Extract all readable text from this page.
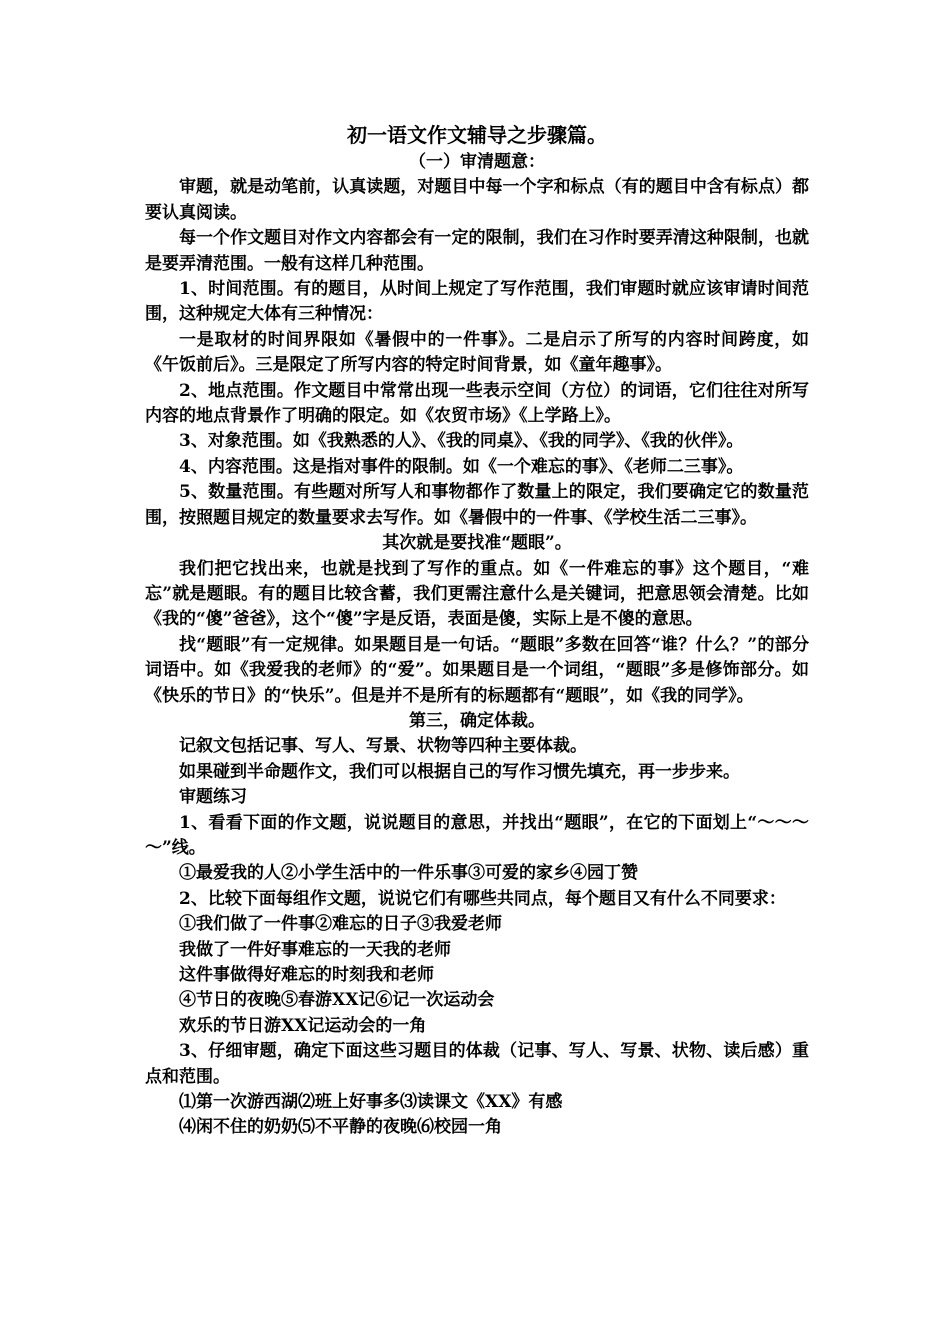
初一语文作文辅导之步骤篇。

（一）审清题意：

审题，就是动笔前，认真读题，对题目中每一个字和标点（有的题目中含有标点）都要认真阅读。

每一个作文题目对作文内容都会有一定的限制，我们在习作时要弄清这种限制，也就是要弄清范围。一般有这样几种范围。

1、时间范围。有的题目，从时间上规定了写作范围，我们审题时就应该审请时间范围，这种规定大体有三种情况：

一是取材的时间界限如《暑假中的一件事》。二是启示了所写的内容时间跨度，如《午饭前后》。三是限定了所写内容的特定时间背景，如《童年趣事》。

2、地点范围。作文题目中常常出现一些表示空间（方位）的词语，它们往往对所写内容的地点背景作了明确的限定。如《农贸市场》《上学路上》。

3、对象范围。如《我熟悉的人》、《我的同桌》、《我的同学》、《我的伙伴》。

4、内容范围。这是指对事件的限制。如《一个难忘的事》、《老师二三事》。

5、数量范围。有些题对所写人和事物都作了数量上的限定，我们要确定它的数量范围，按照题目规定的数量要求去写作。如《暑假中的一件事、《学校生活二三事》。

其次就是要找准“题眼”。

我们把它找出来，也就是找到了写作的重点。如《一件难忘的事》这个题目，“难忘”就是题眼。有的题目比较含蓄，我们更需注意什么是关键词，把意思领会清楚。比如《我的“傻”爸爸》，这个“傻”字是反语，表面是傻，实际上是不傻的意思。

找“题眼”有一定规律。如果题目是一句话。“题眼”多数在回答“谁？什么？”的部分词语中。如《我爱我的老师》的“爱”。如果题目是一个词组，“题眼”多是修饰部分。如《快乐的节日》的“快乐”。但是并不是所有的标题都有“题眼”，如《我的同学》。

第三，确定体裁。

记叙文包括记事、写人、写景、状物等四种主要体裁。

如果碰到半命题作文，我们可以根据自己的写作习惯先填充，再一步步来。

审题练习

1、看看下面的作文题，说说题目的意思，并找出“题眼”，在它的下面划上“～～～～”线。

①最爱我的人②小学生活中的一件乐事③可爱的家乡④园丁赞

2、比较下面每组作文题，说说它们有哪些共同点，每个题目又有什么不同要求：

①我们做了一件事②难忘的日子③我爱老师

我做了一件好事难忘的一天我的老师

这件事做得好难忘的时刻我和老师

④节日的夜晚⑤春游XX记⑥记一次运动会

欢乐的节日游XX记运动会的一角

3、仔细审题，确定下面这些习题目的体裁（记事、写人、写景、状物、读后感）重点和范围。

⑴第一次游西湖⑵班上好事多⑶读课文《XX》有感

⑷闲不住的奶奶⑸不平静的夜晚⑹校园一角
